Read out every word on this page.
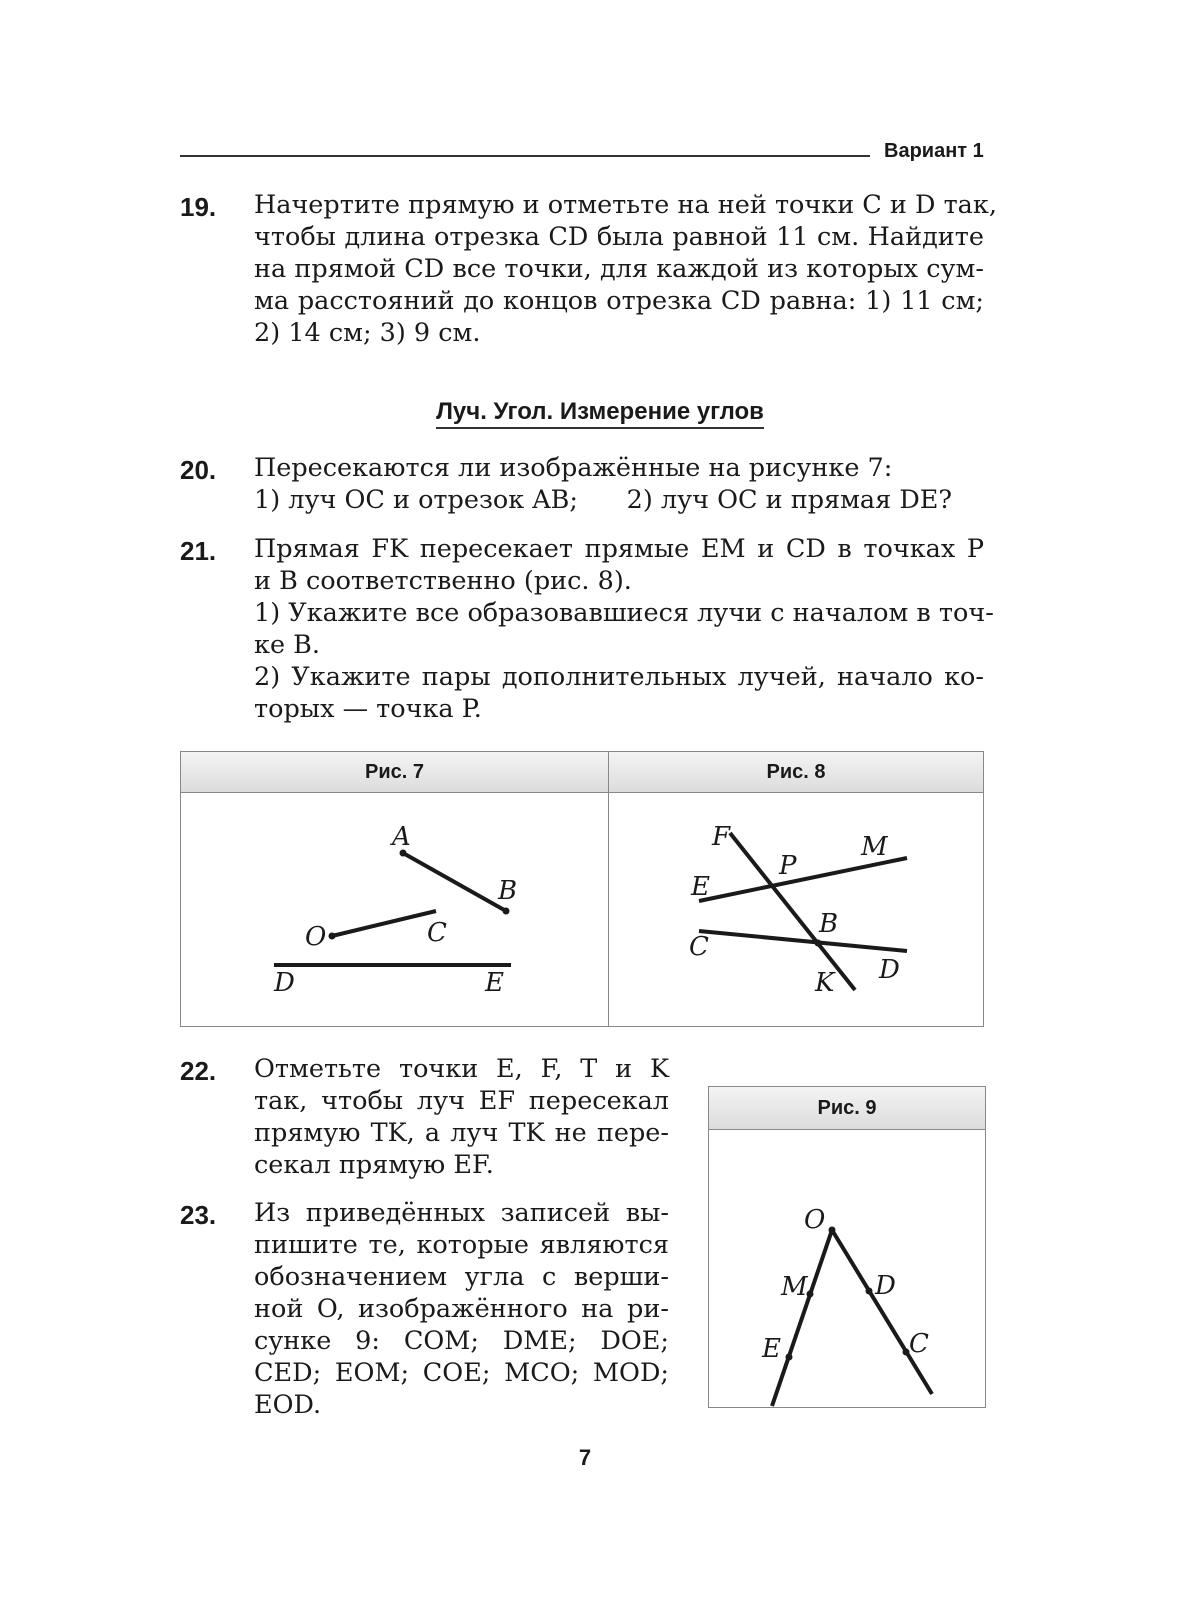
Вариант 1
19. Начертите прямую и отметьте на ней точки C и D так,
чтобы длина отрезка CD была равной 11 см. Найдите
на прямой CD все точки, для каждой из которых сум-
ма расстояний до концов отрезка CD равна: 1) 11 см;
2) 14 см; 3) 9 см.
Луч. Угол. Измерение углов
20. Пересекаются ли изображённые на рисунке 7:
1) луч OC и отрезок AB;      2) луч OC и прямая DE?
21. Прямая FK пересекает прямые EM и CD в точках P
и B соответственно (рис. 8).
1) Укажите все образовавшиеся лучи с началом в точ-
ке B.
2) Укажите пары дополнительных лучей, начало ко-
торых — точка P.
Рис. 7
A
B
O	C
D	E
Рис. 8
F
P
M
E
B
C
D
K
22. Отметьте точки E, F, T и K
так, чтобы луч EF пересекал
прямую TK, а луч TK не пере-
секал прямую EF.
23. Из приведённых записей вы-
пишите те, которые являются
обозначением угла с верши-
ной O, изображённого на ри-
сунке 9: COM; DME; DOE;
CED; EOM; COE; MCO; MOD;
EOD.
Рис. 9
O
M	D
E	C
7
